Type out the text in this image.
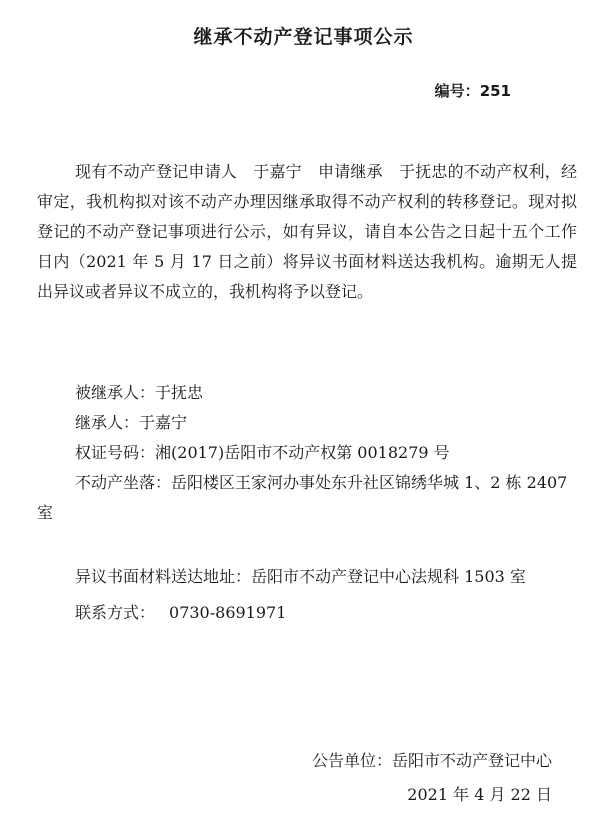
继承不动产登记事项公示
编号：251

现有不动产登记申请人　于嘉宁　申请继承　于抚忠的不动产权利，经审定，我机构拟对该不动产办理因继承取得不动产权利的转移登记。现对拟登记的不动产登记事项进行公示，如有异议，请自本公告之日起十五个工作日内（2021 年 5 月 17 日之前）将异议书面材料送达我机构。逾期无人提出异议或者异议不成立的，我机构将予以登记。

被继承人：于抚忠

继承人：于嘉宁

权证号码：湘(2017)岳阳市不动产权第 0018279 号

不动产坐落：岳阳楼区王家河办事处东升社区锦绣华城 1、2 栋 2407 室

异议书面材料送达地址：岳阳市不动产登记中心法规科 1503 室

联系方式： 0730-8691971

公告单位：岳阳市不动产登记中心
2021 年 4 月 22 日
